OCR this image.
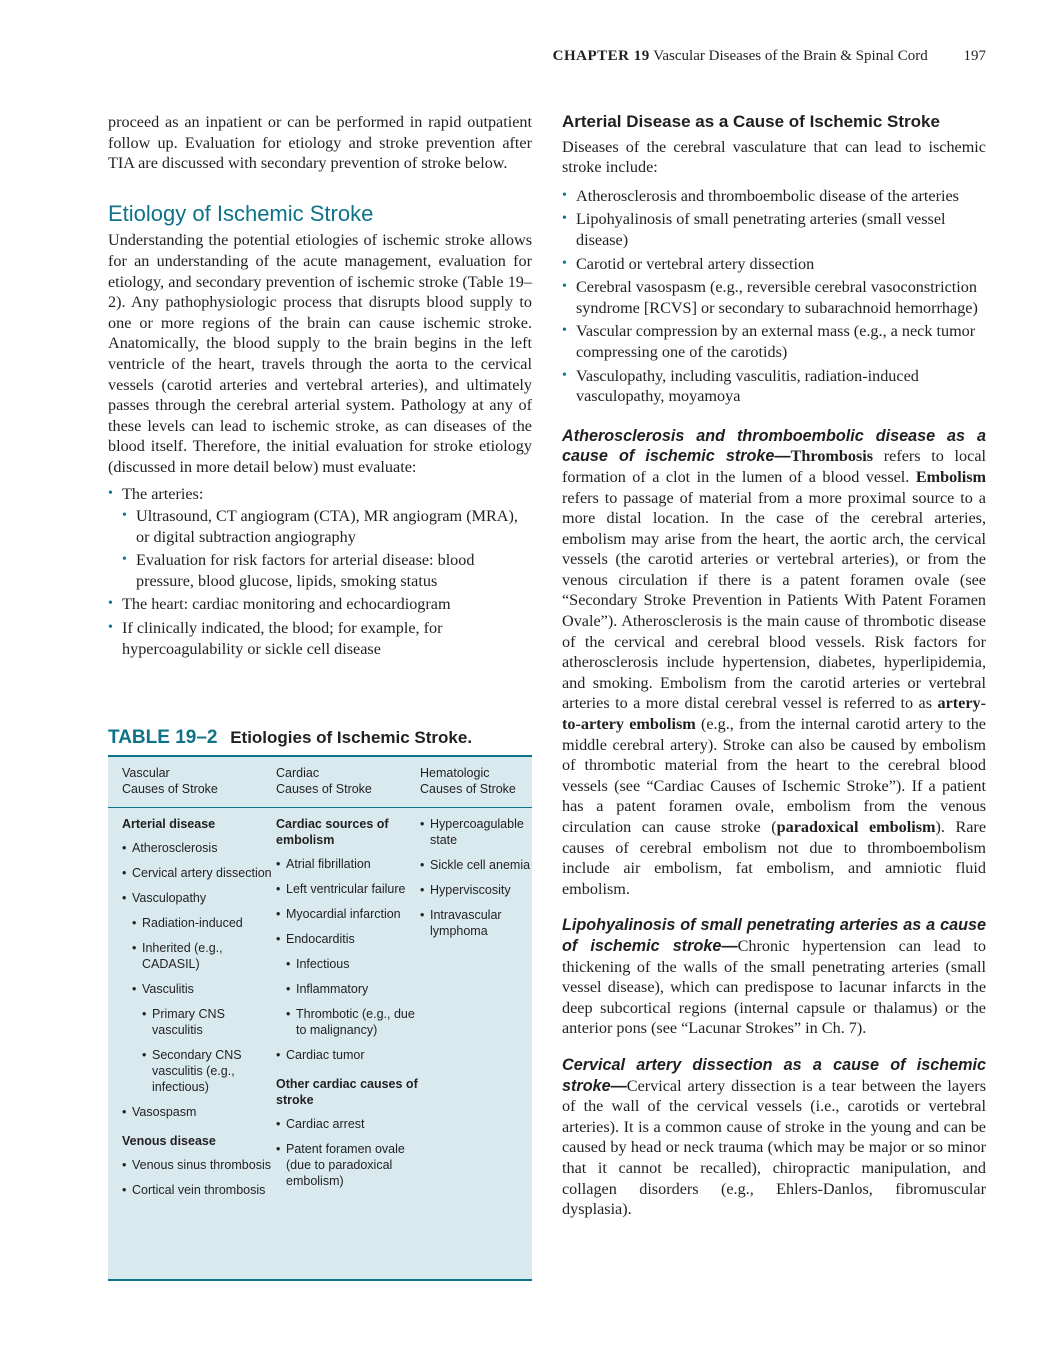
CHAPTER 19 Vascular Diseases of the Brain & Spinal Cord 197

proceed as an inpatient or can be performed in rapid outpatient follow up. Evaluation for etiology and stroke prevention after TIA are discussed with secondary prevention of stroke below.

Etiology of Ischemic Stroke

Understanding the potential etiologies of ischemic stroke allows for an understanding of the acute management, evaluation for etiology, and secondary prevention of ischemic stroke (Table 19–2). Any pathophysiologic process that disrupts blood supply to one or more regions of the brain can cause ischemic stroke. Anatomically, the blood supply to the brain begins in the left ventricle of the heart, travels through the aorta to the cervical vessels (carotid arteries and vertebral arteries), and ultimately passes through the cerebral arterial system. Pathology at any of these levels can lead to ischemic stroke, as can diseases of the blood itself. Therefore, the initial evaluation for stroke etiology (discussed in more detail below) must evaluate:

• The arteries:
• Ultrasound, CT angiogram (CTA), MR angiogram (MRA), or digital subtraction angiography
• Evaluation for risk factors for arterial disease: blood pressure, blood glucose, lipids, smoking status
• The heart: cardiac monitoring and echocardiogram
• If clinically indicated, the blood; for example, for hypercoagulability or sickle cell disease
TABLE 19–2 Etiologies of Ischemic Stroke.
Vascular
Causes of Stroke
Cardiac
Causes of Stroke
Hematologic
Causes of Stroke
Arterial disease
• Atherosclerosis
• Cervical artery dissection
• Vasculopathy
• Radiation-induced
• Inherited (e.g., CADASIL)
• Vasculitis
• Primary CNS vasculitis
• Secondary CNS vasculitis (e.g., infectious)
• Vasospasm
Venous disease
• Venous sinus thrombosis
• Cortical vein thrombosis
Cardiac sources of embolism
• Atrial fibrillation
• Left ventricular failure
• Myocardial infarction
• Endocarditis
• Infectious
• Inflammatory
• Thrombotic (e.g., due to malignancy)
• Cardiac tumor
Other cardiac causes of stroke
• Cardiac arrest
• Patent foramen ovale (due to paradoxical embolism)
• Hypercoagulable state
• Sickle cell anemia
• Hyperviscosity
• Intravascular lymphoma
Arterial Disease as a Cause of Ischemic Stroke

Diseases of the cerebral vasculature that can lead to ischemic stroke include:

• Atherosclerosis and thromboembolic disease of the arteries
• Lipohyalinosis of small penetrating arteries (small vessel disease)
• Carotid or vertebral artery dissection
• Cerebral vasospasm (e.g., reversible cerebral vasoconstriction syndrome [RCVS] or secondary to subarachnoid hemorrhage)
• Vascular compression by an external mass (e.g., a neck tumor compressing one of the carotids)
• Vasculopathy, including vasculitis, radiation-induced vasculopathy, moyamoya

Atherosclerosis and thromboembolic disease as a cause of ischemic stroke—Thrombosis refers to local formation of a clot in the lumen of a blood vessel. Embolism refers to passage of material from a more proximal source to a more distal location. In the case of the cerebral arteries, embolism may arise from the heart, the aortic arch, the cervical vessels (the carotid arteries or vertebral arteries), or from the venous circulation if there is a patent foramen ovale (see “Secondary Stroke Prevention in Patients With Patent Foramen Ovale”). Atherosclerosis is the main cause of thrombotic disease of the cervical and cerebral blood vessels. Risk factors for atherosclerosis include hypertension, diabetes, hyperlipidemia, and smoking. Embolism from the carotid arteries or vertebral arteries to a more distal cerebral vessel is referred to as artery-to-artery embolism (e.g., from the internal carotid artery to the middle cerebral artery). Stroke can also be caused by embolism of thrombotic material from the heart to the cerebral blood vessels (see “Cardiac Causes of Ischemic Stroke”). If a patient has a patent foramen ovale, embolism from the venous circulation can cause stroke (paradoxical embolism). Rare causes of cerebral embolism not due to thromboembolism include air embolism, fat embolism, and amniotic fluid embolism.

Lipohyalinosis of small penetrating arteries as a cause of ischemic stroke—Chronic hypertension can lead to thickening of the walls of the small penetrating arteries (small vessel disease), which can predispose to lacunar infarcts in the deep subcortical regions (internal capsule or thalamus) or the anterior pons (see “Lacunar Strokes” in Ch. 7).

Cervical artery dissection as a cause of ischemic stroke—Cervical artery dissection is a tear between the layers of the wall of the cervical vessels (i.e., carotids or vertebral arteries). It is a common cause of stroke in the young and can be caused by head or neck trauma (which may be major or so minor that it cannot be recalled), chiropractic manipulation, and collagen disorders (e.g., Ehlers-Danlos, fibromuscular dysplasia).
